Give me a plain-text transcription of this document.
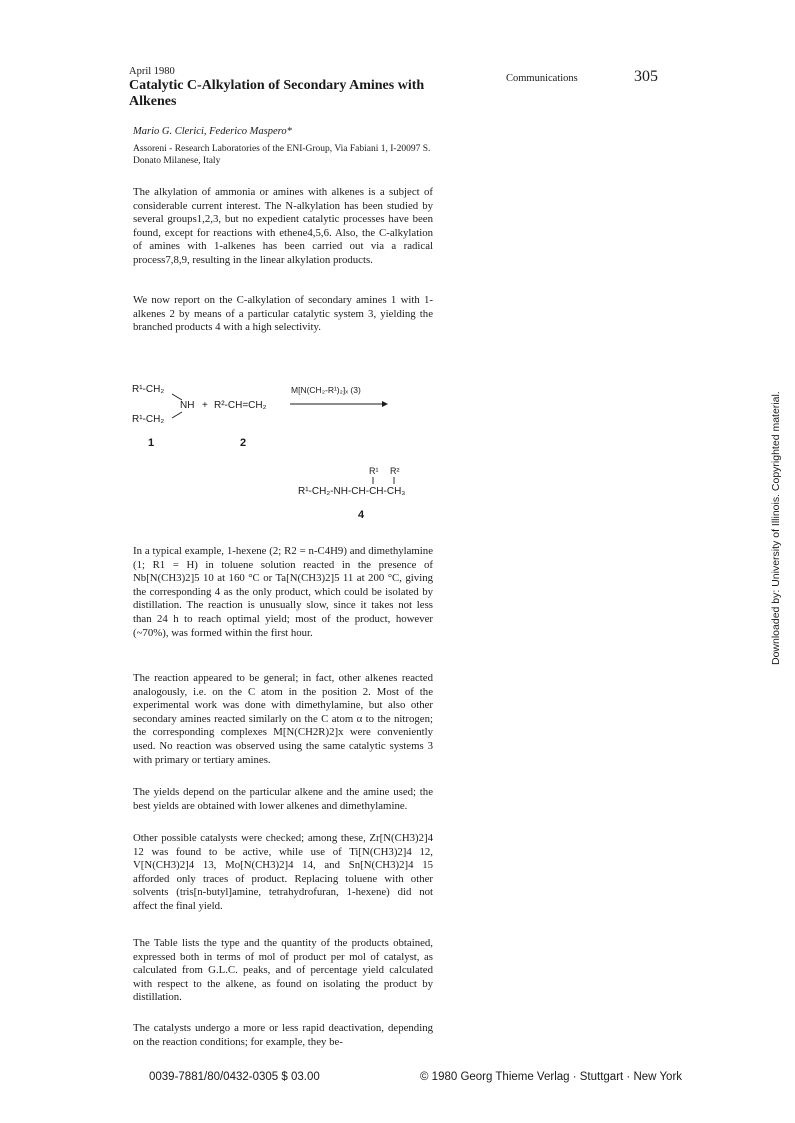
April 1980
Communications	305
Catalytic C-Alkylation of Secondary Amines with Alkenes
Mario G. Clerici, Federico Maspero*
Assoreni - Research Laboratories of the ENI-Group, Via Fabiani 1, I-20097 S. Donato Milanese, Italy

The alkylation of ammonia or amines with alkenes is a subject of considerable current interest. The N-alkylation has been studied by several groups1,2,3, but no expedient catalytic processes have been found, except for reactions with ethene4,5,6. Also, the C-alkylation of amines with 1-alkenes has been carried out via a radical process7,8,9, resulting in the linear alkylation products.

We now report on the C-alkylation of secondary amines 1 with 1-alkenes 2 by means of a particular catalytic system 3, yielding the branched products 4 with a high selectivity.

R¹-CH₂
NH
R¹-CH₂
+ R²-CH=CH₂
M[N(CH₂-R¹)₂]ₓ (3)
1	2
R¹ R²
R¹-CH₂-NH-CH-CH-CH₃
4

In a typical example, 1-hexene (2; R2 = n-C4H9) and dimethylamine (1; R1 = H) in toluene solution reacted in the presence of Nb[N(CH3)2]5 10 at 160 °C or Ta[N(CH3)2]5 11 at 200 °C, giving the corresponding 4 as the only product, which could be isolated by distillation. The reaction is unusually slow, since it takes not less than 24 h to reach optimal yield; most of the product, however (~70%), was formed within the first hour.

The reaction appeared to be general; in fact, other alkenes reacted analogously, i.e. on the C atom in the position 2. Most of the experimental work was done with dimethylamine, but also other secondary amines reacted similarly on the C atom α to the nitrogen; the corresponding complexes M[N(CH2R)2]x were conveniently used. No reaction was observed using the same catalytic systems 3 with primary or tertiary amines.

The yields depend on the particular alkene and the amine used; the best yields are obtained with lower alkenes and dimethylamine.

Other possible catalysts were checked; among these, Zr[N(CH3)2]4 12 was found to be active, while use of Ti[N(CH3)2]4 12, V[N(CH3)2]4 13, Mo[N(CH3)2]4 14, and Sn[N(CH3)2]4 15 afforded only traces of product. Replacing toluene with other solvents (tris[n-butyl]amine, tetrahydrofuran, 1-hexene) did not affect the final yield.

The Table lists the type and the quantity of the products obtained, expressed both in terms of mol of product per mol of catalyst, as calculated from G.L.C. peaks, and of percentage yield calculated with respect to the alkene, as found on isolating the product by distillation.

The catalysts undergo a more or less rapid deactivation, depending on the reaction conditions; for example, they be-

0039-7881/80/0432-0305 $ 03.00	© 1980 Georg Thieme Verlag · Stuttgart · New York
Downloaded by: University of Illinois. Copyrighted material.
